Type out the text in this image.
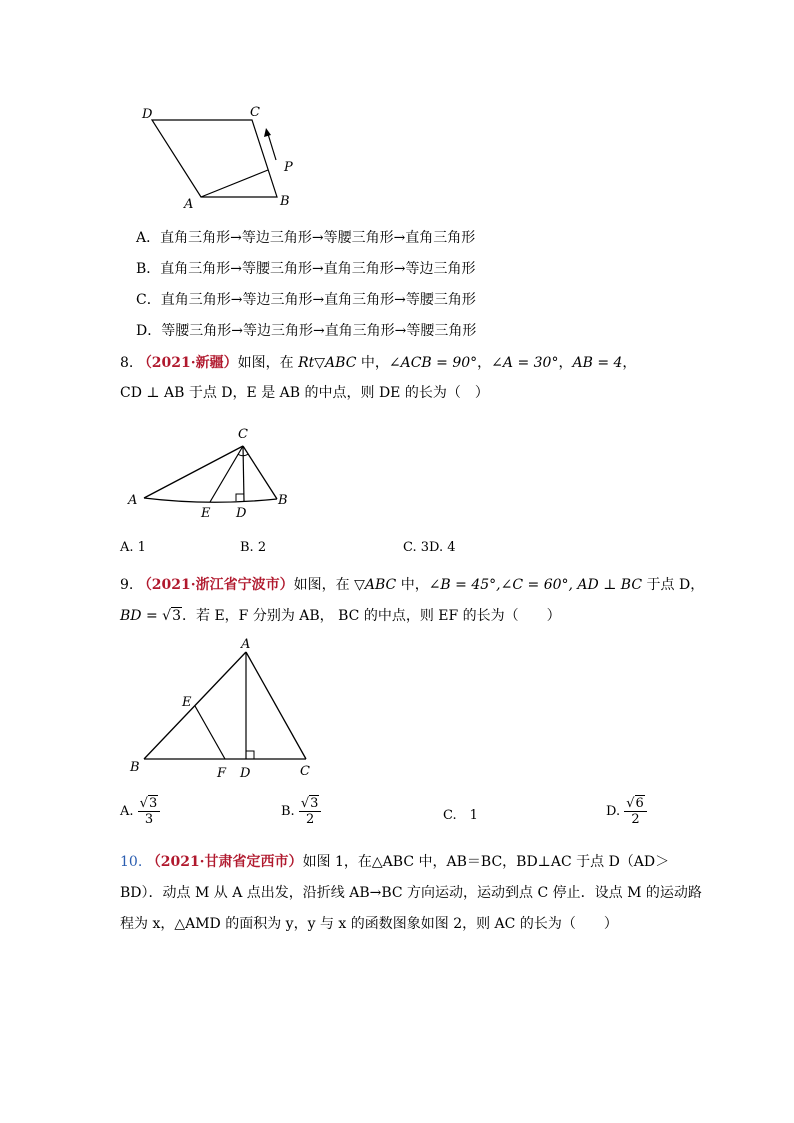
D	C
P
A	B
A．直角三角形→等边三角形→等腰三角形→直角三角形
B．直角三角形→等腰三角形→直角三角形→等边三角形
C．直角三角形→等边三角形→直角三角形→等腰三角形
D．等腰三角形→等边三角形→直角三角形→等腰三角形
8. （2021·新疆）如图，在 Rt▽ABC 中，∠ACB = 90°，∠A = 30°，AB = 4，
CD ⊥ AB 于点 D，E 是 AB 的中点，则 DE 的长为（　）
C
A
E D
B
A. 1	B. 2	C. 3D. 4
9. （2021·浙江省宁波市）如图，在 ▽ABC 中，∠B = 45°,∠C = 60°, AD ⊥ BC 于点 D，
BD = √3．若 E，F 分别为 AB， BC 的中点，则 EF 的长为（　　）
A
E
B	F D	C
A. $\frac{√3}{3}$	B. $\frac{√3}{2}$	C.　1	D. $\frac{√6}{2}$
10. （2021·甘肃省定西市）如图 1，在△ABC 中，AB＝BC，BD⊥AC 于点 D（AD＞
BD）．动点 M 从 A 点出发，沿折线 AB→BC 方向运动，运动到点 C 停止．设点 M 的运动路
程为 x，△AMD 的面积为 y，y 与 x 的函数图象如图 2，则 AC 的长为（　　）
